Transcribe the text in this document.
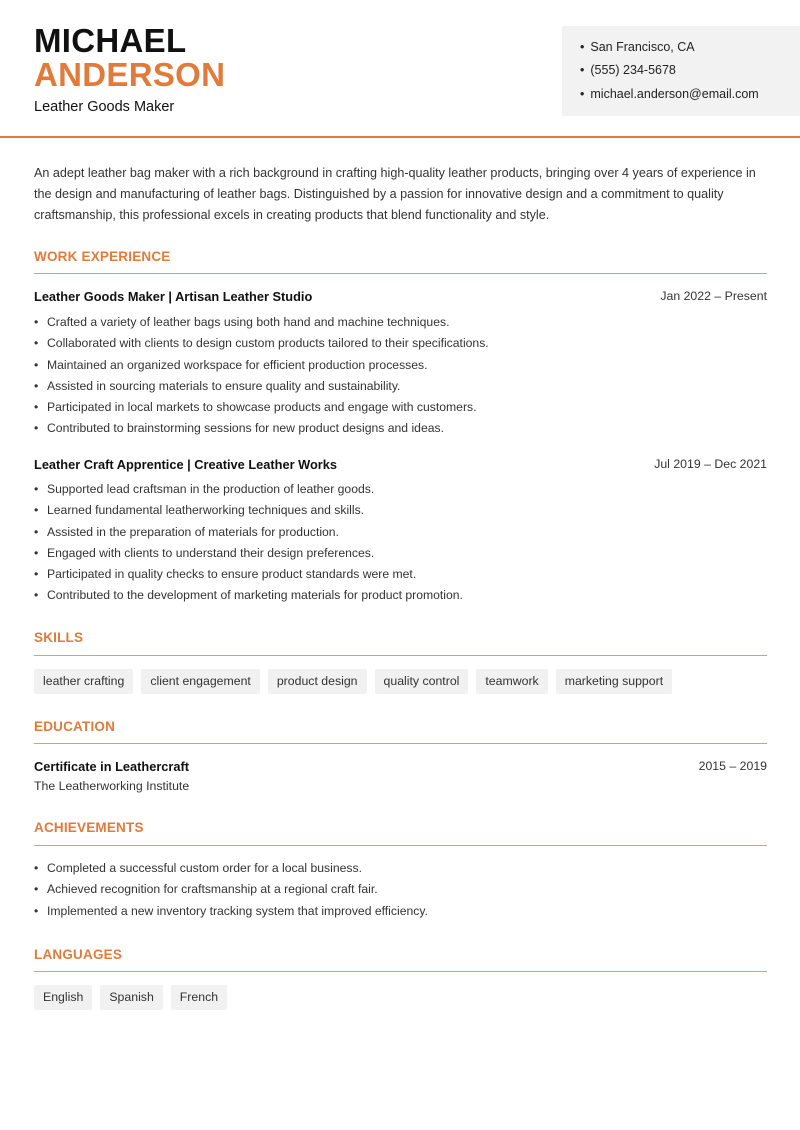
MICHAEL
ANDERSON
Leather Goods Maker
• San Francisco, CA
• (555) 234-5678
• michael.anderson@email.com

An adept leather bag maker with a rich background in crafting high-quality leather products, bringing over 4 years of experience in the design and manufacturing of leather bags. Distinguished by a passion for innovative design and a commitment to quality craftsmanship, this professional excels in creating products that blend functionality and style.

WORK EXPERIENCE
Leather Goods Maker | Artisan Leather Studio	Jan 2022 – Present
• Crafted a variety of leather bags using both hand and machine techniques.
• Collaborated with clients to design custom products tailored to their specifications.
• Maintained an organized workspace for efficient production processes.
• Assisted in sourcing materials to ensure quality and sustainability.
• Participated in local markets to showcase products and engage with customers.
• Contributed to brainstorming sessions for new product designs and ideas.
Leather Craft Apprentice | Creative Leather Works	Jul 2019 – Dec 2021
• Supported lead craftsman in the production of leather goods.
• Learned fundamental leatherworking techniques and skills.
• Assisted in the preparation of materials for production.
• Engaged with clients to understand their design preferences.
• Participated in quality checks to ensure product standards were met.
• Contributed to the development of marketing materials for product promotion.
SKILLS
leather crafting	client engagement	product design	quality control	teamwork	marketing support
EDUCATION
Certificate in Leathercraft	2015 – 2019
The Leatherworking Institute
ACHIEVEMENTS
• Completed a successful custom order for a local business.
• Achieved recognition for craftsmanship at a regional craft fair.
• Implemented a new inventory tracking system that improved efficiency.
LANGUAGES
English	Spanish	French
